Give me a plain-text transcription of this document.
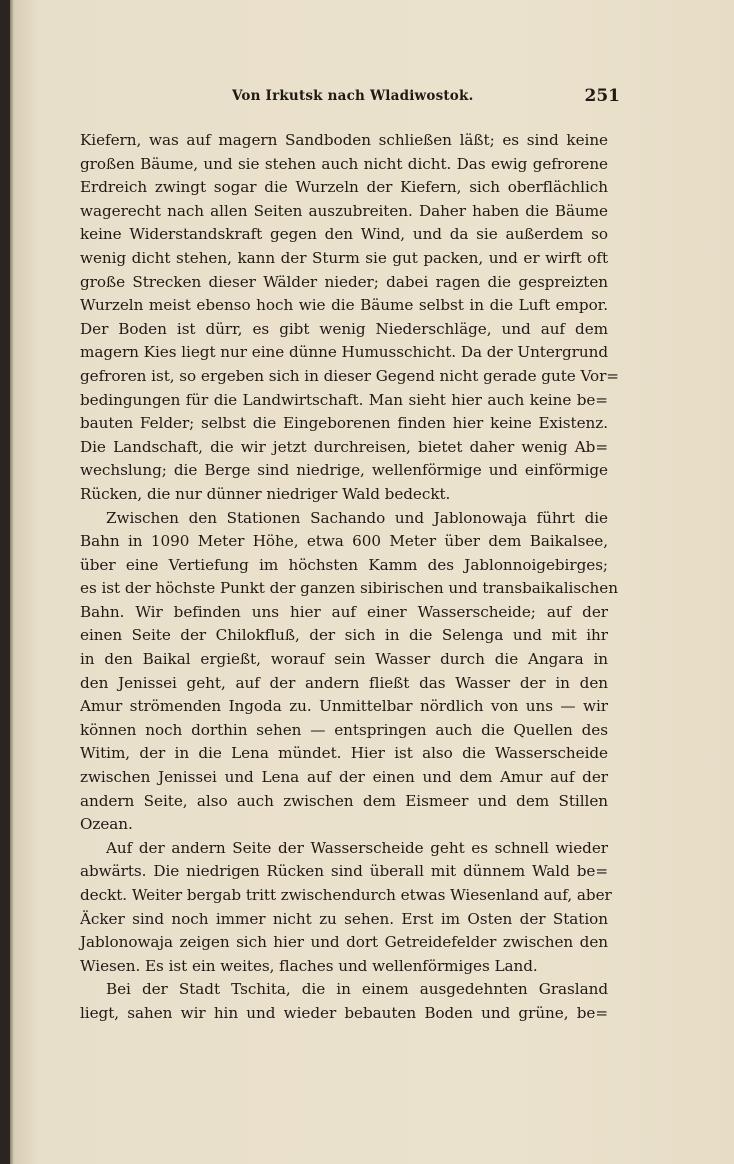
Von Irkutsk nach Wladiwostok.	251
Kiefern, was auf magern Sandboden schließen läßt; es sind keine
großen Bäume, und sie stehen auch nicht dicht. Das ewig gefrorene
Erdreich zwingt sogar die Wurzeln der Kiefern, sich oberflächlich
wagerecht nach allen Seiten auszubreiten. Daher haben die Bäume
keine Widerstandskraft gegen den Wind, und da sie außerdem so
wenig dicht stehen, kann der Sturm sie gut packen, und er wirft oft
große Strecken dieser Wälder nieder; dabei ragen die gespreizten
Wurzeln meist ebenso hoch wie die Bäume selbst in die Luft empor.
Der Boden ist dürr, es gibt wenig Niederschläge, und auf dem
magern Kies liegt nur eine dünne Humusschicht. Da der Untergrund
gefroren ist, so ergeben sich in dieser Gegend nicht gerade gute Vor=
bedingungen für die Landwirtschaft. Man sieht hier auch keine be=
bauten Felder; selbst die Eingeborenen finden hier keine Existenz.
Die Landschaft, die wir jetzt durchreisen, bietet daher wenig Ab=
wechslung; die Berge sind niedrige, wellenförmige und einförmige
Rücken, die nur dünner niedriger Wald bedeckt.
Zwischen den Stationen Sachando und Jablonowaja führt die
Bahn in 1090 Meter Höhe, etwa 600 Meter über dem Baikalsee,
über eine Vertiefung im höchsten Kamm des Jablonnoigebirges;
es ist der höchste Punkt der ganzen sibirischen und transbaikalischen
Bahn. Wir befinden uns hier auf einer Wasserscheide; auf der
einen Seite der Chilokfluß, der sich in die Selenga und mit ihr
in den Baikal ergießt, worauf sein Wasser durch die Angara in
den Jenissei geht, auf der andern fließt das Wasser der in den
Amur strömenden Ingoda zu. Unmittelbar nördlich von uns — wir
können noch dorthin sehen — entspringen auch die Quellen des
Witim, der in die Lena mündet. Hier ist also die Wasserscheide
zwischen Jenissei und Lena auf der einen und dem Amur auf der
andern Seite, also auch zwischen dem Eismeer und dem Stillen
Ozean.
Auf der andern Seite der Wasserscheide geht es schnell wieder
abwärts. Die niedrigen Rücken sind überall mit dünnem Wald be=
deckt. Weiter bergab tritt zwischendurch etwas Wiesenland auf, aber
Äcker sind noch immer nicht zu sehen. Erst im Osten der Station
Jablonowaja zeigen sich hier und dort Getreidefelder zwischen den
Wiesen. Es ist ein weites, flaches und wellenförmiges Land.
Bei der Stadt Tschita, die in einem ausgedehnten Grasland
liegt, sahen wir hin und wieder bebauten Boden und grüne, be=
